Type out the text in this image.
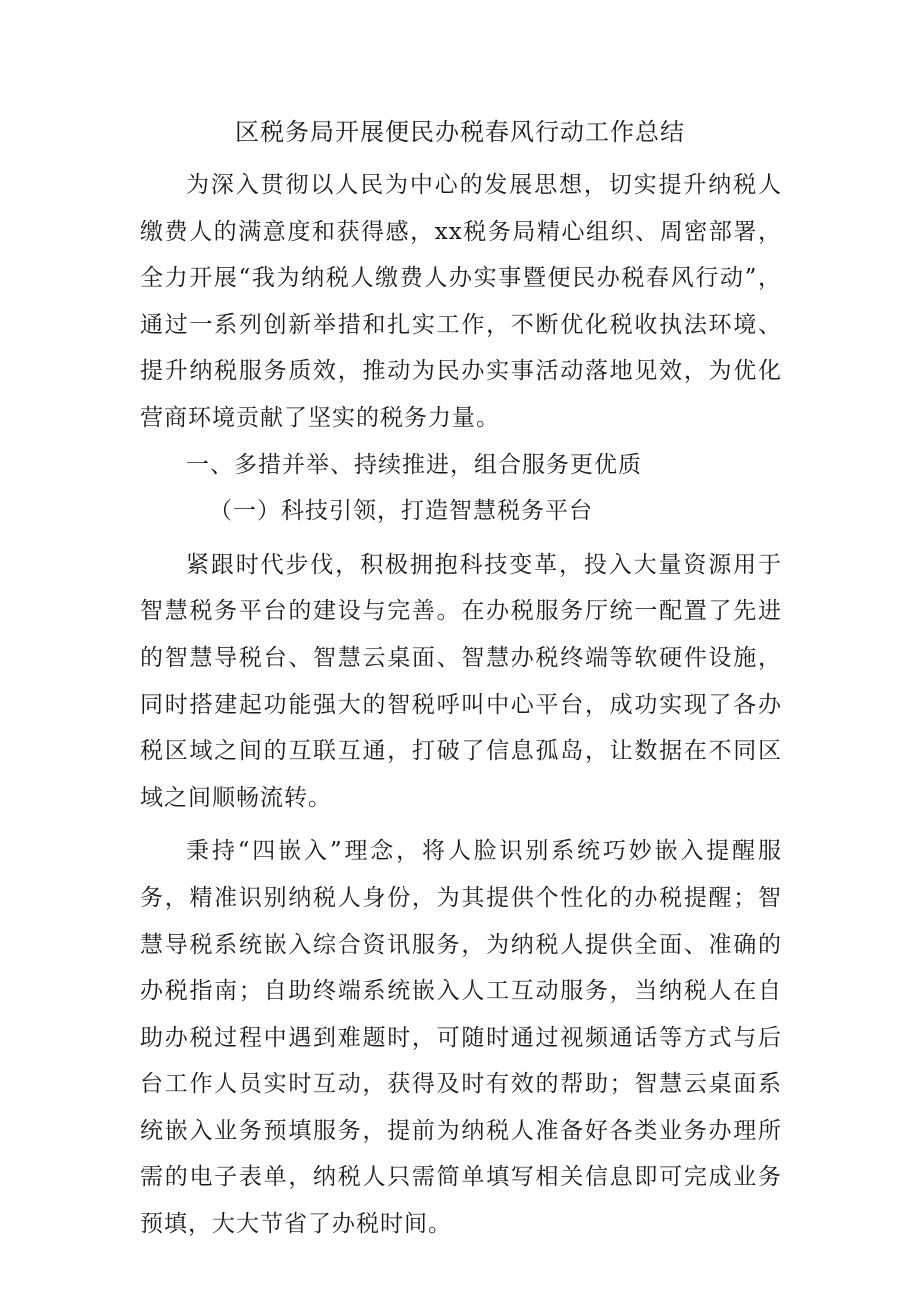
区税务局开展便民办税春风行动工作总结

为深入贯彻以人民为中心的发展思想，切实提升纳税人缴费人的满意度和获得感，xx税务局精心组织、周密部署，全力开展“我为纳税人缴费人办实事暨便民办税春风行动”，通过一系列创新举措和扎实工作，不断优化税收执法环境、提升纳税服务质效，推动为民办实事活动落地见效，为优化营商环境贡献了坚实的税务力量。

一、多措并举、持续推进，组合服务更优质

（一）科技引领，打造智慧税务平台

紧跟时代步伐，积极拥抱科技变革，投入大量资源用于智慧税务平台的建设与完善。在办税服务厅统一配置了先进的智慧导税台、智慧云桌面、智慧办税终端等软硬件设施，同时搭建起功能强大的智税呼叫中心平台，成功实现了各办税区域之间的互联互通，打破了信息孤岛，让数据在不同区域之间顺畅流转。

秉持“四嵌入”理念，将人脸识别系统巧妙嵌入提醒服务，精准识别纳税人身份，为其提供个性化的办税提醒；智慧导税系统嵌入综合资讯服务，为纳税人提供全面、准确的办税指南；自助终端系统嵌入人工互动服务，当纳税人在自助办税过程中遇到难题时，可随时通过视频通话等方式与后台工作人员实时互动，获得及时有效的帮助；智慧云桌面系统嵌入业务预填服务，提前为纳税人准备好各类业务办理所需的电子表单，纳税人只需简单填写相关信息即可完成业务预填，大大节省了办税时间。
